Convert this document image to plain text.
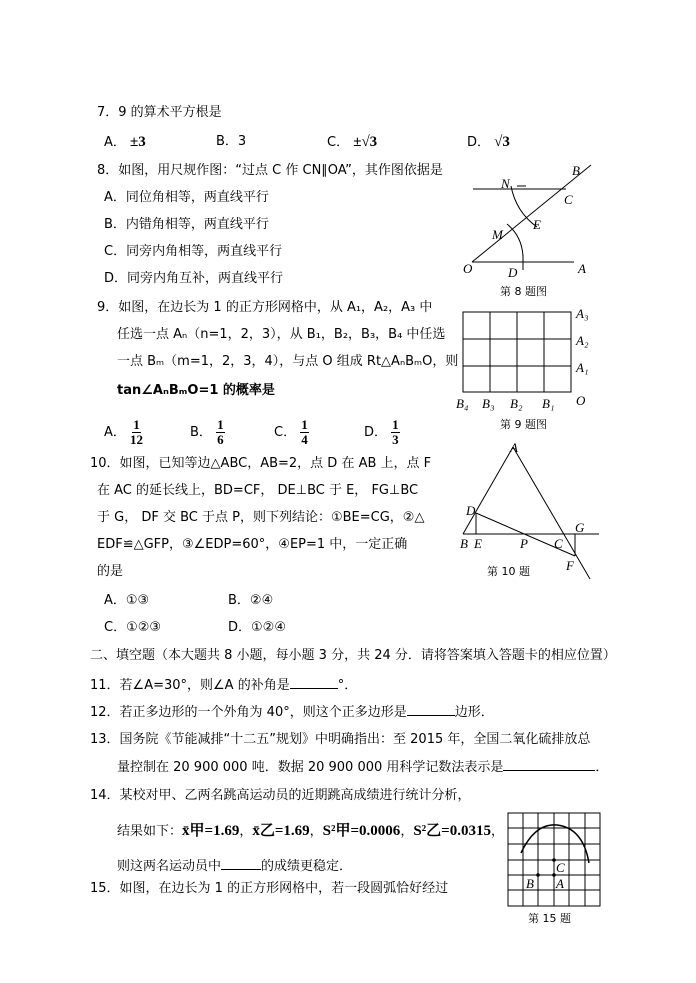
7．9 的算术平方根是
A． ±3	B．3	C． ±√3	D． √3
8．如图，用尺规作图：“过点 C 作 CN∥OA”，其作图依据是
A．同位角相等，两直线平行
B．内错角相等，两直线平行
C．同旁内角相等，两直线平行
D．同旁内角互补，两直线平行
9．如图，在边长为 1 的正方形网格中，从 A₁，A₂，A₃ 中
任选一点 Aₙ（n=1，2，3），从 B₁，B₂，B₃，B₄ 中任选
一点 Bₘ（m=1，2，3，4），与点 O 组成 Rt△AₙBₘO，则
tan∠AₙBₘO=1 的概率是
A． $\frac{1}{12}$	B． $\frac{1}{6}$	C． $\frac{1}{4}$	D． $\frac{1}{3}$
10．如图，已知等边△ABC，AB=2，点 D 在 AB 上，点 F
在 AC 的延长线上，BD=CF， DE⊥BC 于 E， FG⊥BC
于 G， DF 交 BC 于点 P，则下列结论：①BE=CG，②△
EDF≌△GFP，③∠EDP=60°，④EP=1 中，一定正确
的是
A．①③	B．②④
C．①②③	D．①②④
二、填空题（本大题共 8 小题，每小题 3 分，共 24 分．请将答案填入答题卡的相应位置）
11．若∠A=30°，则∠A 的补角是	°．
12．若正多边形的一个外角为 40°，则这个正多边形是	边形．
13．国务院《节能减排“十二五”规划》中明确指出：至 2015 年，全国二氧化硫排放总
量控制在 20 900 000 吨．数据 20 900 000 用科学记数法表示是	．
14．某校对甲、乙两名跳高运动员的近期跳高成绩进行统计分析，
结果如下：x̄甲=1.69，x̄乙=1.69，S²甲=0.0006，S²乙=0.0315，
则这两名运动员中	的成绩更稳定．
15．如图，在边长为 1 的正方形网格中，若一段圆弧恰好经过
N
B
C
E
M
O	D	A
第 8 题图
A₃
A₂
A₁
B₄ B₃ B₂ B₁ O
第 9 题图
A
D
B E	P C
G
F
第 10 题
C
B A
第 15 题
